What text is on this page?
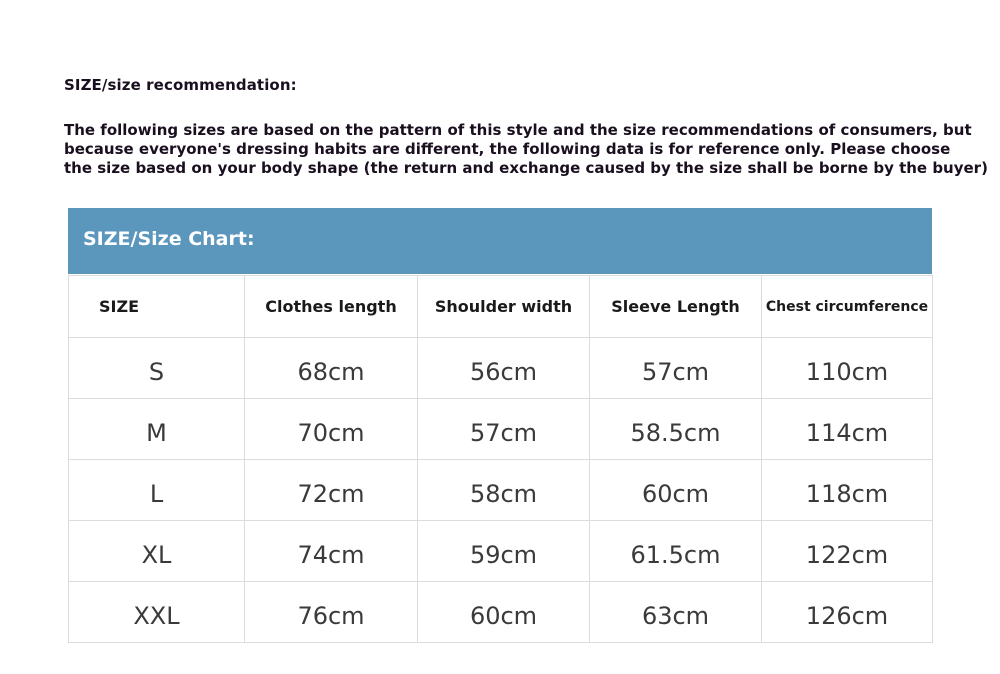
SIZE/size recommendation:
The following sizes are based on the pattern of this style and the size recommendations of consumers, but
because everyone's dressing habits are different, the following data is for reference only. Please choose
the size based on your body shape (the return and exchange caused by the size shall be borne by the buyer)
SIZE/Size Chart:
SIZE	Clothes length	Shoulder width	Sleeve Length	Chest circumference
S	68cm	56cm	57cm	110cm
M	70cm	57cm	58.5cm	114cm
L	72cm	58cm	60cm	118cm
XL	74cm	59cm	61.5cm	122cm
XXL	76cm	60cm	63cm	126cm
